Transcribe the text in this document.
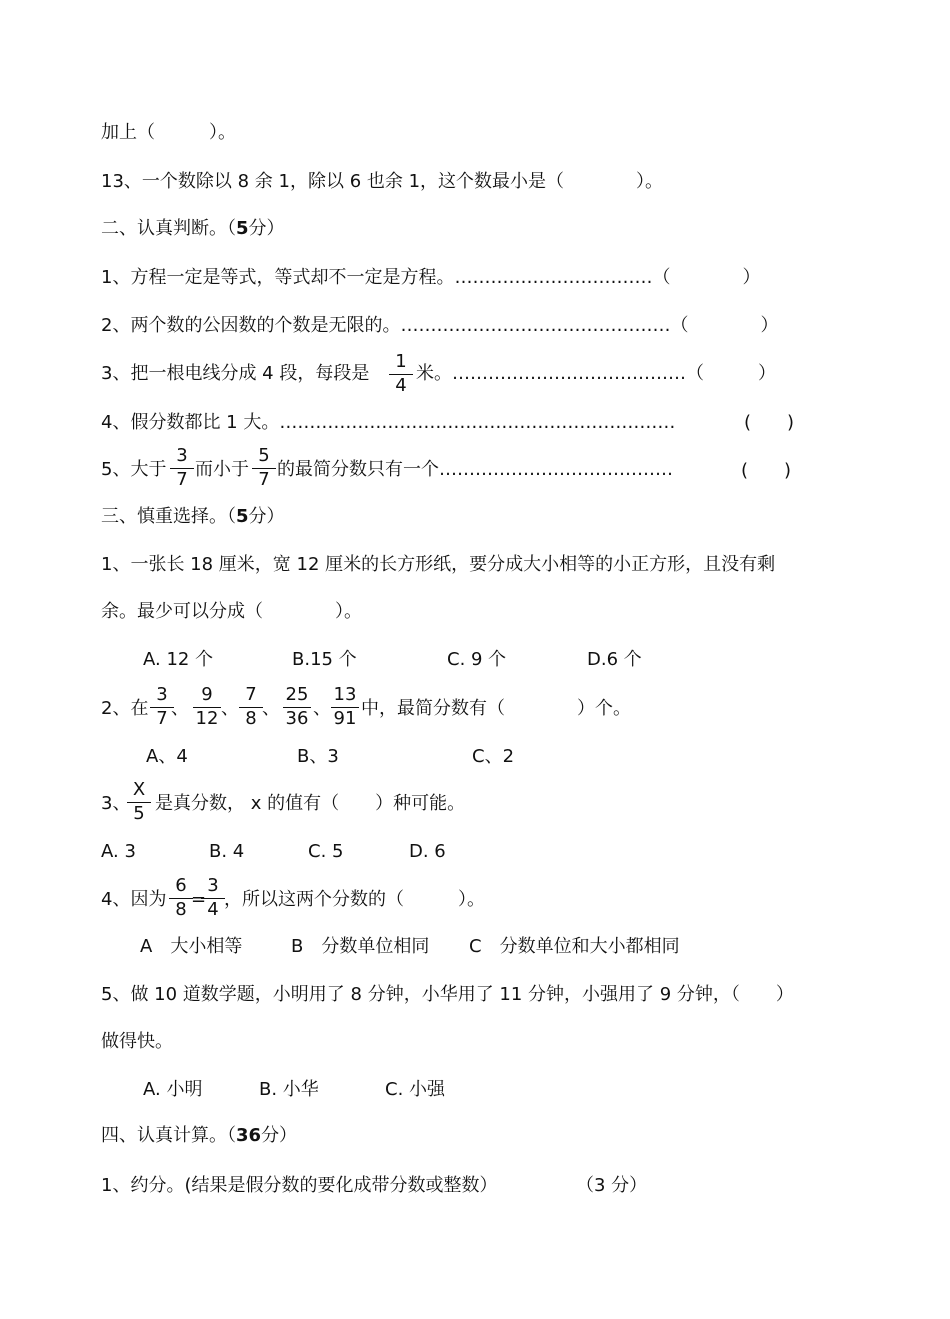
加上（　　　）。
13、一个数除以 8 余 1，除以 6 也余 1，这个数最小是（　　　　）。
二、认真判断。（5分）
1、方程一定是等式，等式却不一定是方程。……………………………（　　　　）
2、两个数的公因数的个数是无限的。………………………………………（　　　　）
3、把一根电线分成 4 段，每段是
1
4
米。…………………………………（　　　）
4、假分数都比 1 大。…………………………………………………………	(　　)
5、大于
3
7 而小于
5
7 的最简分数只有一个…………………………………	(　　)
三、慎重选择。（5分）
1、一张长 18 厘米，宽 12 厘米的长方形纸，要分成大小相等的小正方形，且没有剩
余。最少可以分成（　　　　）。
A. 12 个	B.15 个	C. 9 个	D.6 个
2、在
3
7 、
9
12 、
7
8 、
25
36 、
13
91 中，最简分数有（　　　　）个。
A、4	B、3	C、2
3、
X
5 是真分数， x 的值有（　　）种可能。
A. 3	B. 4	C. 5	D. 6
4、因为
6
8 =
3
4 ，所以这两个分数的（　　　）。
A　大小相等	B　分数单位相同 C　分数单位和大小都相同
5、做 10 道数学题，小明用了 8 分钟，小华用了 11 分钟，小强用了 9 分钟，（　　）
做得快。
A. 小明	B. 小华	C. 小强
四、认真计算。（36分）
1、约分。(结果是假分数的要化成带分数或整数）	（3 分）
